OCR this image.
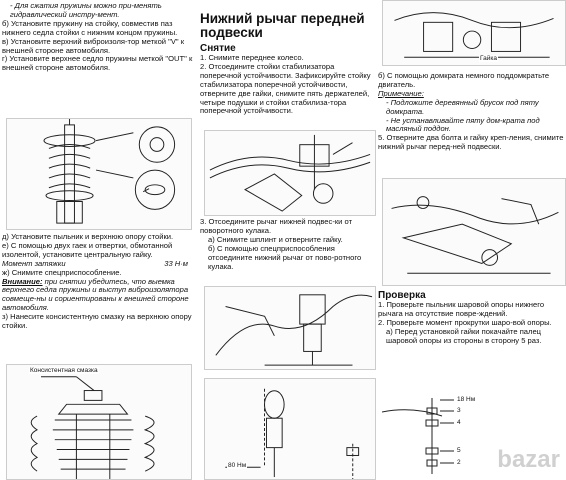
- Для сжатия пружины можно при-менять гидравлический инстру-мент.
б) Установите пружину на стойку, совместив паз нижнего седла стойки с нижним концом пружины.
в) Установите верхний виброизоля-тор меткой "V" к внешней стороне автомобиля.
г) Установите верхнее седло пружины меткой "OUT" к внешней стороне автомобиля.
д) Установите пыльник и верхнюю опору стойки.
е) С помощью двух гаек и отвертки, обмотанной изолентой, установите центральную гайку.
Момент затяжки	33 Н·м
ж) Снимите спецприспособление.
Внимание: при снятии убедитесь, что выемка верхнего седла пружины и выступ виброизолятора совмеще-ны и сориентированы к внешней стороне автомобиля.
з) Нанесите консистентную смазку на верхнюю опору стойки.
Консистентная смазка
Нижний рычаг передней подвески
Снятие
1. Снимите переднее колесо.
2. Отсоедините стойки стабилизатора поперечной устойчивости. Зафиксируйте стойку стабилизатора поперечной устойчивости, отверните две гайки, снимите пять держателей, четыре подушки и стойки стабилиза-тора поперечной устойчивости.
3. Отсоедините рычаг нижней подвес-ки от поворотного кулака.
а) Снимите шплинт и отверните гайку.
б) С помощью спецприспособления отсоедините нижний рычаг от пово-ротного кулака.
80 Нм
Гайка
б) С помощью домкрата немного поддомкратьте двигатель.
Примечание:
- Подложите деревянный брусок под пяту домкрата.
- Не устанавливайте пяту дом-крата под масляный поддон.
5. Отверните два болта и гайку креп-ления, снимите нижний рычаг перед-ней подвески.
Проверка
1. Проверьте пыльник шаровой опоры нижнего рычага на отсутствие повре-ждений.
2. Проверьте момент прокрутки шаро-вой опоры.
а) Перед установкой гайки покачайте палец шаровой опоры из стороны в сторону 5 раз.
18 Нм
3
4
5
2 bazar
